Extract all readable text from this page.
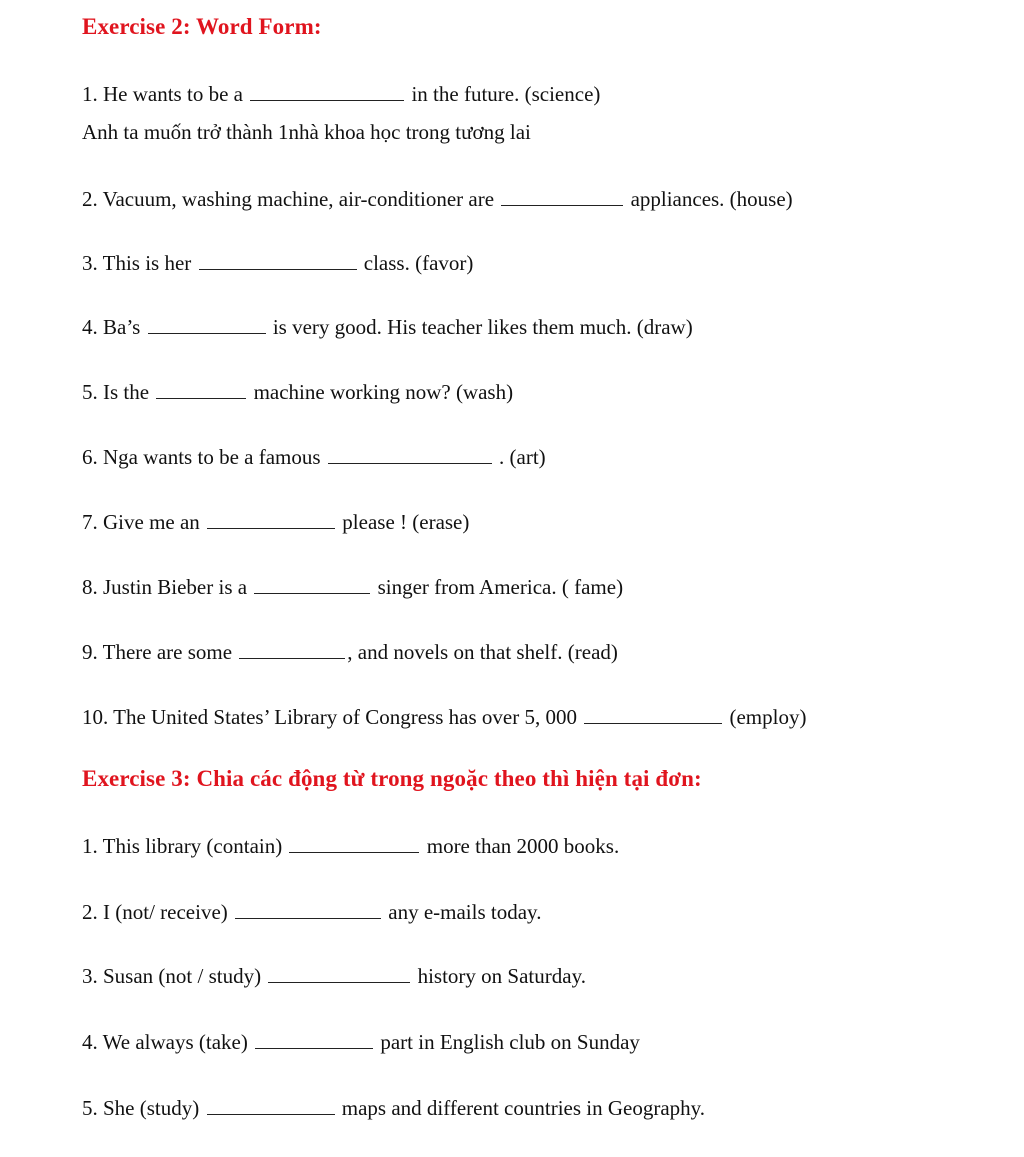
Exercise 2: Word Form:
1. He wants to be a	in the future. (science)
Anh ta muốn trở thành 1nhà khoa học trong tương lai
2. Vacuum, washing machine, air-conditioner are	appliances. (house)
3. This is her	class. (favor)
4. Ba’s	is very good. His teacher likes them much. (draw)
5. Is the	machine working now? (wash)
6. Nga wants to be a famous	. (art)
7. Give me an	please ! (erase)
8. Justin Bieber is a	singer from America. ( fame)
9. There are some	, and novels on that shelf. (read)
10. The United States’ Library of Congress has over 5, 000	(employ)
Exercise 3: Chia các động từ trong ngoặc theo thì hiện tại đơn:
1. This library (contain)	more than 2000 books.
2. I (not/ receive)	any e-mails today.
3. Susan (not / study)	history on Saturday.
4. We always (take)	part in English club on Sunday
5. She (study)	maps and different countries in Geography.
